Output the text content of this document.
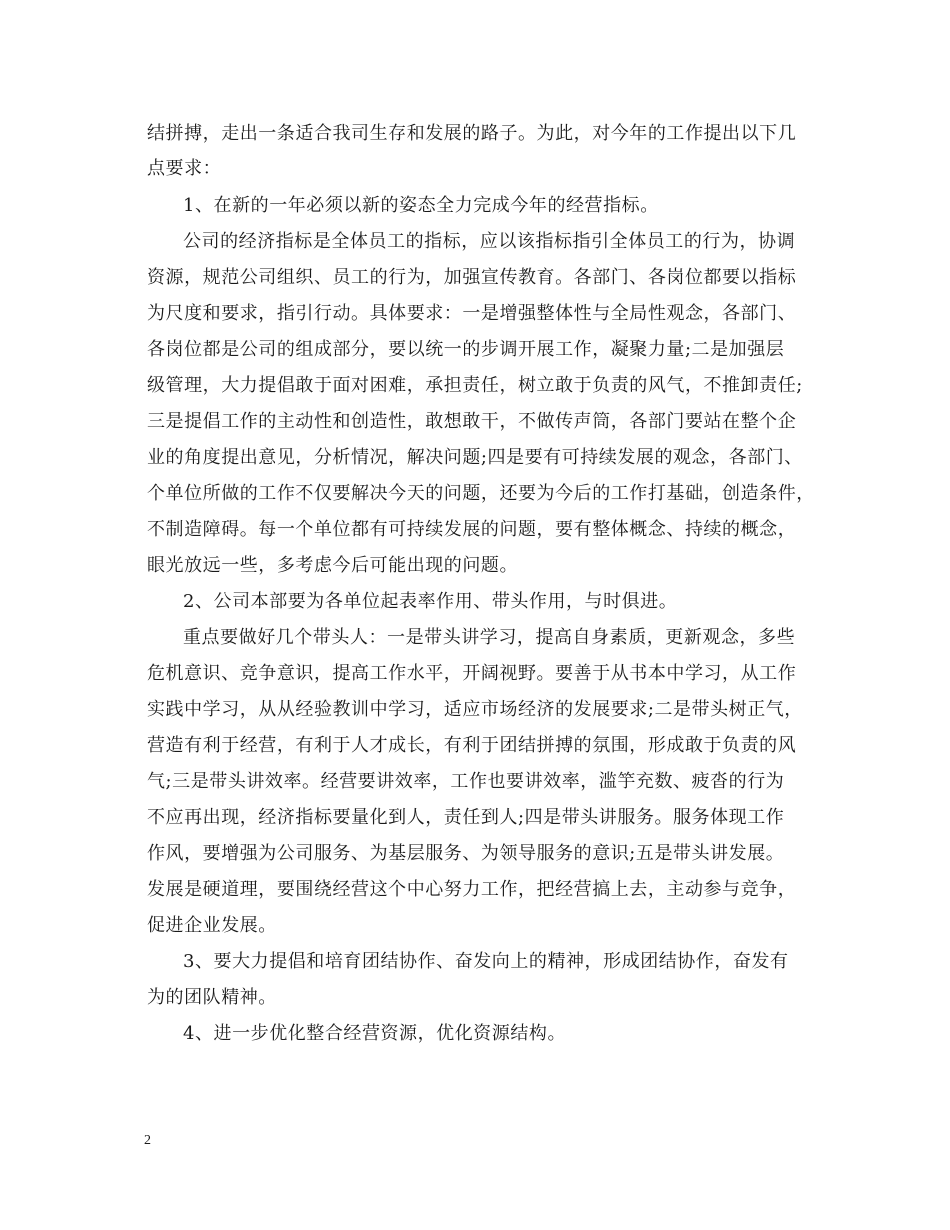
结拼搏，走出一条适合我司生存和发展的路子。为此，对今年的工作提出以下几
点要求：
1、在新的一年必须以新的姿态全力完成今年的经营指标。
公司的经济指标是全体员工的指标，应以该指标指引全体员工的行为，协调
资源，规范公司组织、员工的行为，加强宣传教育。各部门、各岗位都要以指标
为尺度和要求，指引行动。具体要求：一是增强整体性与全局性观念，各部门、
各岗位都是公司的组成部分，要以统一的步调开展工作，凝聚力量;二是加强层
级管理，大力提倡敢于面对困难，承担责任，树立敢于负责的风气，不推卸责任;
三是提倡工作的主动性和创造性，敢想敢干，不做传声筒，各部门要站在整个企
业的角度提出意见，分析情况，解决问题;四是要有可持续发展的观念，各部门、
个单位所做的工作不仅要解决今天的问题，还要为今后的工作打基础，创造条件，
不制造障碍。每一个单位都有可持续发展的问题，要有整体概念、持续的概念，
眼光放远一些，多考虑今后可能出现的问题。
2、公司本部要为各单位起表率作用、带头作用，与时俱进。
重点要做好几个带头人：一是带头讲学习，提高自身素质，更新观念，多些
危机意识、竞争意识，提高工作水平，开阔视野。要善于从书本中学习，从工作
实践中学习，从从经验教训中学习，适应市场经济的发展要求;二是带头树正气，
营造有利于经营，有利于人才成长，有利于团结拼搏的氛围，形成敢于负责的风
气;三是带头讲效率。经营要讲效率，工作也要讲效率，滥竽充数、疲沓的行为
不应再出现，经济指标要量化到人，责任到人;四是带头讲服务。服务体现工作
作风，要增强为公司服务、为基层服务、为领导服务的意识;五是带头讲发展。
发展是硬道理，要围绕经营这个中心努力工作，把经营搞上去，主动参与竞争，
促进企业发展。
3、要大力提倡和培育团结协作、奋发向上的精神，形成团结协作，奋发有
为的团队精神。
4、进一步优化整合经营资源，优化资源结构。
2
